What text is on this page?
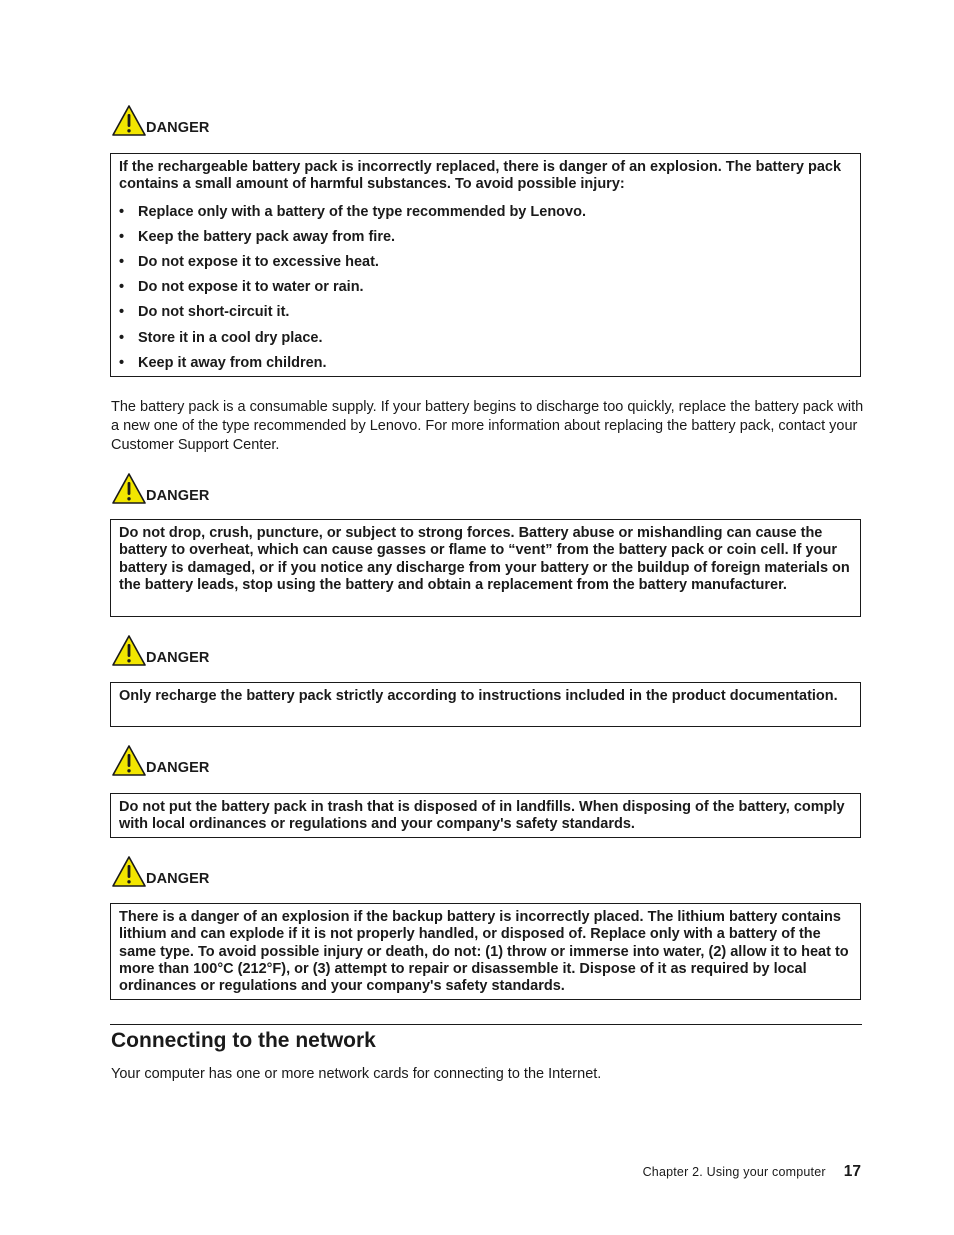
DANGER

If the rechargeable battery pack is incorrectly replaced, there is danger of an explosion. The battery pack contains a small amount of harmful substances. To avoid possible injury:

• Replace only with a battery of the type recommended by Lenovo.
• Keep the battery pack away from fire.
• Do not expose it to excessive heat.
• Do not expose it to water or rain.
• Do not short-circuit it.
• Store it in a cool dry place.
• Keep it away from children.

The battery pack is a consumable supply. If your battery begins to discharge too quickly, replace the battery pack with a new one of the type recommended by Lenovo. For more information about replacing the battery pack, contact your Customer Support Center.

DANGER

Do not drop, crush, puncture, or subject to strong forces. Battery abuse or mishandling can cause the battery to overheat, which can cause gasses or flame to “vent” from the battery pack or coin cell. If your battery is damaged, or if you notice any discharge from your battery or the buildup of foreign materials on the battery leads, stop using the battery and obtain a replacement from the battery manufacturer.

DANGER

Only recharge the battery pack strictly according to instructions included in the product documentation.

DANGER

Do not put the battery pack in trash that is disposed of in landfills. When disposing of the battery, comply with local ordinances or regulations and your company's safety standards.

DANGER

There is a danger of an explosion if the backup battery is incorrectly placed. The lithium battery contains lithium and can explode if it is not properly handled, or disposed of. Replace only with a battery of the same type. To avoid possible injury or death, do not: (1) throw or immerse into water, (2) allow it to heat to more than 100°C (212°F), or (3) attempt to repair or disassemble it. Dispose of it as required by local ordinances or regulations and your company's safety standards.

Connecting to the network

Your computer has one or more network cards for connecting to the Internet.

Chapter 2. Using your computer 17
